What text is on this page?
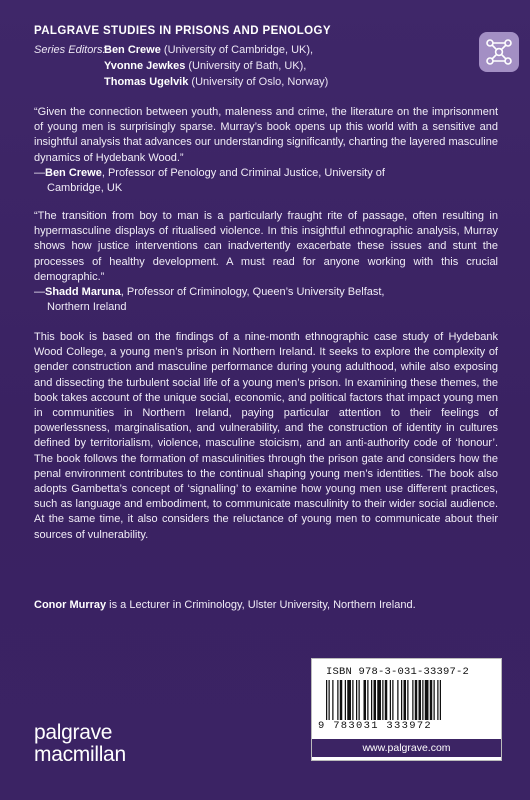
PALGRAVE STUDIES IN PRISONS AND PENOLOGY
Series Editors:
Ben Crewe (University of Cambridge, UK),
Yvonne Jewkes (University of Bath, UK),
Thomas Ugelvik (University of Oslo, Norway)

“Given the connection between youth, maleness and crime, the literature on the imprisonment of young men is surprisingly sparse. Murray’s book opens up this world with a sensitive and insightful analysis that advances our understanding significantly, charting the layered masculine dynamics of Hydebank Wood.”

—Ben Crewe, Professor of Penology and Criminal Justice, University of

Cambridge, UK

“The transition from boy to man is a particularly fraught rite of passage, often resulting in hypermasculine displays of ritualised violence. In this insightful ethnographic analysis, Murray shows how justice interventions can inadvertently exacerbate these issues and stunt the processes of healthy development. A must read for anyone working with this crucial demographic.”

—Shadd Maruna, Professor of Criminology, Queen’s University Belfast,

Northern Ireland

This book is based on the findings of a nine-month ethnographic case study of Hydebank Wood College, a young men’s prison in Northern Ireland. It seeks to explore the complexity of gender construction and masculine performance during young adulthood, while also exposing and dissecting the turbulent social life of a young men’s prison. In examining these themes, the book takes account of the unique social, economic, and political factors that impact young men in communities in Northern Ireland, paying particular attention to their feelings of powerlessness, marginalisation, and vulnerability, and the construction of identity in cultures defined by territorialism, violence, masculine stoicism, and an anti-authority code of ‘honour’. The book follows the formation of masculinities through the prison gate and considers how the penal environment contributes to the continual shaping young men’s identities. The book also adopts Gambetta’s concept of ‘signalling’ to examine how young men use different practices, such as language and embodiment, to communicate masculinity to their wider social audience. At the same time, it also considers the reluctance of young men to communicate about their sources of vulnerability.

Conor Murray is a Lecturer in Criminology, Ulster University, Northern Ireland.

ISBN 978-3-031-33397-2
9 783031 333972
www.palgrave.com
palgrave
macmillan
